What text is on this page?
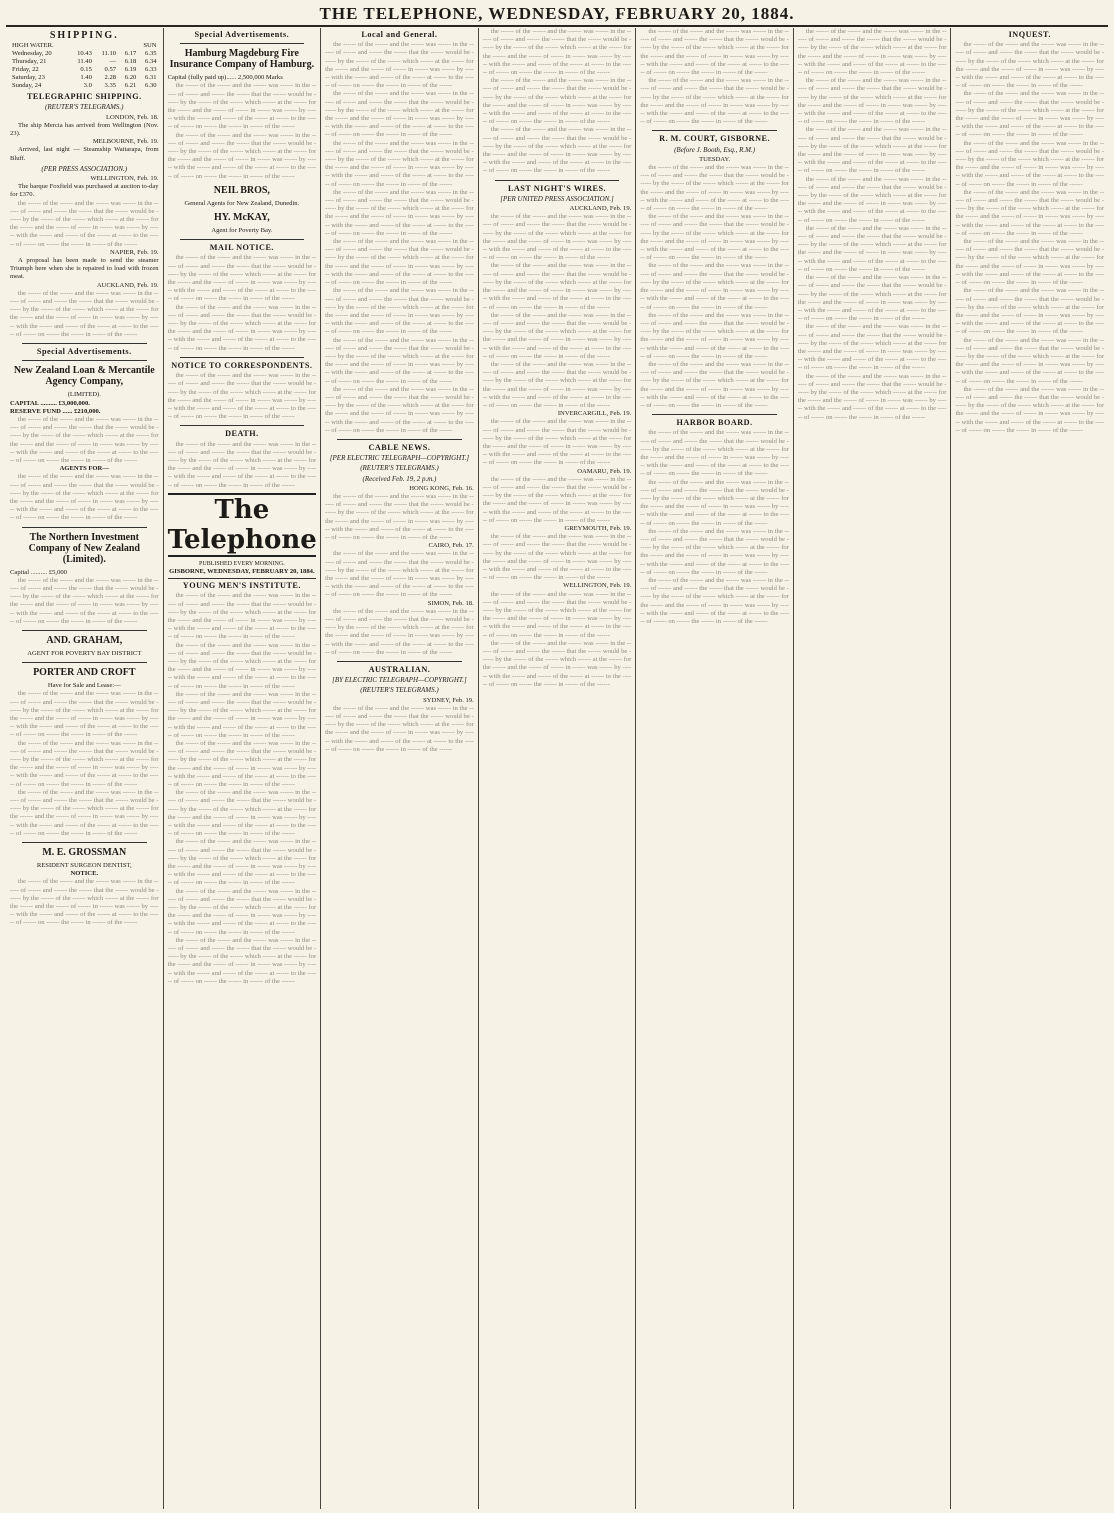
THE TELEPHONE, WEDNESDAY, FEBRUARY 20, 1884.
SHIPPING.
HIGH WATER.			SUN	
Wednesday, 20	10.43	11.10	6.17	6.35
Thursday, 21	11.40	—	6.18	6.34
Friday, 22	0.15	0.57	6.19	6.33
Saturday, 23	1.40	2.28	6.20	6.31
Sunday, 24	3.0	3.35	6.21	6.30
TELEGRAPHIC SHIPPING.
(REUTER'S TELEGRAMS.)

LONDON, Feb. 18.

The ship Mercia has arrived from Wellington (Nov. 23).

MELBOURNE, Feb. 19.

Arrived, last night — Steamship Waitarapa, from Bluff.

(PER PRESS ASSOCIATION.)

WELLINGTON, Feb. 19.

The barque Foxfield was purchased at auction to-day for £370.

the ------ of the ------ and the ------ was ------ in the ------ of ------ and ------ the ------ that the ------ would be ------ by the ------ of the ------ which ------ at the ------ for the ------ and the ------ of ------ in ------ was ------ by ------ with the ------ and ------ of the ------ at ------ to the ------ of ------ on ------ the ------ in ------ of the ------

NAPIER, Feb. 19.

A proposal has been made to send the steamer Triumph here when she is repaired to load with frozen meat.

AUCKLAND, Feb. 19.

the ------ of the ------ and the ------ was ------ in the ------ of ------ and ------ the ------ that the ------ would be ------ by the ------ of the ------ which ------ at the ------ for the ------ and the ------ of ------ in ------ was ------ by ------ with the ------ and ------ of the ------ at ------ to the ------ of ------ on ------ the ------ in ------ of the ------

Special Advertisements.
New Zealand Loan & Mercantile Agency Company,
(LIMITED).
CAPITAL .......... £3,000,000.
RESERVE FUND ...... £210,000.

the ------ of the ------ and the ------ was ------ in the ------ of ------ and ------ the ------ that the ------ would be ------ by the ------ of the ------ which ------ at the ------ for the ------ and the ------ of ------ in ------ was ------ by ------ with the ------ and ------ of the ------ at ------ to the ------ of ------ on ------ the ------ in ------ of the ------

AGENTS FOR—

the ------ of the ------ and the ------ was ------ in the ------ of ------ and ------ the ------ that the ------ would be ------ by the ------ of the ------ which ------ at the ------ for the ------ and the ------ of ------ in ------ was ------ by ------ with the ------ and ------ of the ------ at ------ to the ------ of ------ on ------ the ------ in ------ of the ------

The Northern Investment Company of New Zealand (Limited).
Capital .......... £5,000

the ------ of the ------ and the ------ was ------ in the ------ of ------ and ------ the ------ that the ------ would be ------ by the ------ of the ------ which ------ at the ------ for the ------ and the ------ of ------ in ------ was ------ by ------ with the ------ and ------ of the ------ at ------ to the ------ of ------ on ------ the ------ in ------ of the ------

AND. GRAHAM,
AGENT FOR POVERTY BAY DISTRICT
PORTER AND CROFT
Have for Sale and Lease:—

the ------ of the ------ and the ------ was ------ in the ------ of ------ and ------ the ------ that the ------ would be ------ by the ------ of the ------ which ------ at the ------ for the ------ and the ------ of ------ in ------ was ------ by ------ with the ------ and ------ of the ------ at ------ to the ------ of ------ on ------ the ------ in ------ of the ------

the ------ of the ------ and the ------ was ------ in the ------ of ------ and ------ the ------ that the ------ would be ------ by the ------ of the ------ which ------ at the ------ for the ------ and the ------ of ------ in ------ was ------ by ------ with the ------ and ------ of the ------ at ------ to the ------ of ------ on ------ the ------ in ------ of the ------

the ------ of the ------ and the ------ was ------ in the ------ of ------ and ------ the ------ that the ------ would be ------ by the ------ of the ------ which ------ at the ------ for the ------ and the ------ of ------ in ------ was ------ by ------ with the ------ and ------ of the ------ at ------ to the ------ of ------ on ------ the ------ in ------ of the ------

M. E. GROSSMAN
RESIDENT SURGEON DENTIST,
NOTICE.

the ------ of the ------ and the ------ was ------ in the ------ of ------ and ------ the ------ that the ------ would be ------ by the ------ of the ------ which ------ at the ------ for the ------ and the ------ of ------ in ------ was ------ by ------ with the ------ and ------ of the ------ at ------ to the ------ of ------ on ------ the ------ in ------ of the ------

Special Advertisements.
Hamburg Magdeburg Fire Insurance Company of Hamburg.
Capital (fully paid up)...... 2,500,000 Marks

the ------ of the ------ and the ------ was ------ in the ------ of ------ and ------ the ------ that the ------ would be ------ by the ------ of the ------ which ------ at the ------ for the ------ and the ------ of ------ in ------ was ------ by ------ with the ------ and ------ of the ------ at ------ to the ------ of ------ on ------ the ------ in ------ of the ------

the ------ of the ------ and the ------ was ------ in the ------ of ------ and ------ the ------ that the ------ would be ------ by the ------ of the ------ which ------ at the ------ for the ------ and the ------ of ------ in ------ was ------ by ------ with the ------ and ------ of the ------ at ------ to the ------ of ------ on ------ the ------ in ------ of the ------

NEIL BROS,
General Agents for New Zealand, Dunedin.
HY. McKAY,
Agent for Poverty Bay.
MAIL NOTICE.

the ------ of the ------ and the ------ was ------ in the ------ of ------ and ------ the ------ that the ------ would be ------ by the ------ of the ------ which ------ at the ------ for the ------ and the ------ of ------ in ------ was ------ by ------ with the ------ and ------ of the ------ at ------ to the ------ of ------ on ------ the ------ in ------ of the ------

the ------ of the ------ and the ------ was ------ in the ------ of ------ and ------ the ------ that the ------ would be ------ by the ------ of the ------ which ------ at the ------ for the ------ and the ------ of ------ in ------ was ------ by ------ with the ------ and ------ of the ------ at ------ to the ------ of ------ on ------ the ------ in ------ of the ------

NOTICE TO CORRESPONDENTS.

the ------ of the ------ and the ------ was ------ in the ------ of ------ and ------ the ------ that the ------ would be ------ by the ------ of the ------ which ------ at the ------ for the ------ and the ------ of ------ in ------ was ------ by ------ with the ------ and ------ of the ------ at ------ to the ------ of ------ on ------ the ------ in ------ of the ------

DEATH.

the ------ of the ------ and the ------ was ------ in the ------ of ------ and ------ the ------ that the ------ would be ------ by the ------ of the ------ which ------ at the ------ for the ------ and the ------ of ------ in ------ was ------ by ------ with the ------ and ------ of the ------ at ------ to the ------ of ------ on ------ the ------ in ------ of the ------

The Telephone
PUBLISHED EVERY MORNING.
GISBORNE, WEDNESDAY, FEBRUARY 20, 1884.
YOUNG MEN'S INSTITUTE.

the ------ of the ------ and the ------ was ------ in the ------ of ------ and ------ the ------ that the ------ would be ------ by the ------ of the ------ which ------ at the ------ for the ------ and the ------ of ------ in ------ was ------ by ------ with the ------ and ------ of the ------ at ------ to the ------ of ------ on ------ the ------ in ------ of the ------

the ------ of the ------ and the ------ was ------ in the ------ of ------ and ------ the ------ that the ------ would be ------ by the ------ of the ------ which ------ at the ------ for the ------ and the ------ of ------ in ------ was ------ by ------ with the ------ and ------ of the ------ at ------ to the ------ of ------ on ------ the ------ in ------ of the ------

the ------ of the ------ and the ------ was ------ in the ------ of ------ and ------ the ------ that the ------ would be ------ by the ------ of the ------ which ------ at the ------ for the ------ and the ------ of ------ in ------ was ------ by ------ with the ------ and ------ of the ------ at ------ to the ------ of ------ on ------ the ------ in ------ of the ------

the ------ of the ------ and the ------ was ------ in the ------ of ------ and ------ the ------ that the ------ would be ------ by the ------ of the ------ which ------ at the ------ for the ------ and the ------ of ------ in ------ was ------ by ------ with the ------ and ------ of the ------ at ------ to the ------ of ------ on ------ the ------ in ------ of the ------

the ------ of the ------ and the ------ was ------ in the ------ of ------ and ------ the ------ that the ------ would be ------ by the ------ of the ------ which ------ at the ------ for the ------ and the ------ of ------ in ------ was ------ by ------ with the ------ and ------ of the ------ at ------ to the ------ of ------ on ------ the ------ in ------ of the ------

the ------ of the ------ and the ------ was ------ in the ------ of ------ and ------ the ------ that the ------ would be ------ by the ------ of the ------ which ------ at the ------ for the ------ and the ------ of ------ in ------ was ------ by ------ with the ------ and ------ of the ------ at ------ to the ------ of ------ on ------ the ------ in ------ of the ------

the ------ of the ------ and the ------ was ------ in the ------ of ------ and ------ the ------ that the ------ would be ------ by the ------ of the ------ which ------ at the ------ for the ------ and the ------ of ------ in ------ was ------ by ------ with the ------ and ------ of the ------ at ------ to the ------ of ------ on ------ the ------ in ------ of the ------

the ------ of the ------ and the ------ was ------ in the ------ of ------ and ------ the ------ that the ------ would be ------ by the ------ of the ------ which ------ at the ------ for the ------ and the ------ of ------ in ------ was ------ by ------ with the ------ and ------ of the ------ at ------ to the ------ of ------ on ------ the ------ in ------ of the ------

Local and General.

the ------ of the ------ and the ------ was ------ in the ------ of ------ and ------ the ------ that the ------ would be ------ by the ------ of the ------ which ------ at the ------ for the ------ and the ------ of ------ in ------ was ------ by ------ with the ------ and ------ of the ------ at ------ to the ------ of ------ on ------ the ------ in ------ of the ------

the ------ of the ------ and the ------ was ------ in the ------ of ------ and ------ the ------ that the ------ would be ------ by the ------ of the ------ which ------ at the ------ for the ------ and the ------ of ------ in ------ was ------ by ------ with the ------ and ------ of the ------ at ------ to the ------ of ------ on ------ the ------ in ------ of the ------

the ------ of the ------ and the ------ was ------ in the ------ of ------ and ------ the ------ that the ------ would be ------ by the ------ of the ------ which ------ at the ------ for the ------ and the ------ of ------ in ------ was ------ by ------ with the ------ and ------ of the ------ at ------ to the ------ of ------ on ------ the ------ in ------ of the ------

the ------ of the ------ and the ------ was ------ in the ------ of ------ and ------ the ------ that the ------ would be ------ by the ------ of the ------ which ------ at the ------ for the ------ and the ------ of ------ in ------ was ------ by ------ with the ------ and ------ of the ------ at ------ to the ------ of ------ on ------ the ------ in ------ of the ------

the ------ of the ------ and the ------ was ------ in the ------ of ------ and ------ the ------ that the ------ would be ------ by the ------ of the ------ which ------ at the ------ for the ------ and the ------ of ------ in ------ was ------ by ------ with the ------ and ------ of the ------ at ------ to the ------ of ------ on ------ the ------ in ------ of the ------

the ------ of the ------ and the ------ was ------ in the ------ of ------ and ------ the ------ that the ------ would be ------ by the ------ of the ------ which ------ at the ------ for the ------ and the ------ of ------ in ------ was ------ by ------ with the ------ and ------ of the ------ at ------ to the ------ of ------ on ------ the ------ in ------ of the ------

the ------ of the ------ and the ------ was ------ in the ------ of ------ and ------ the ------ that the ------ would be ------ by the ------ of the ------ which ------ at the ------ for the ------ and the ------ of ------ in ------ was ------ by ------ with the ------ and ------ of the ------ at ------ to the ------ of ------ on ------ the ------ in ------ of the ------

the ------ of the ------ and the ------ was ------ in the ------ of ------ and ------ the ------ that the ------ would be ------ by the ------ of the ------ which ------ at the ------ for the ------ and the ------ of ------ in ------ was ------ by ------ with the ------ and ------ of the ------ at ------ to the ------ of ------ on ------ the ------ in ------ of the ------

CABLE NEWS.
[PER ELECTRIC TELEGRAPH—COPYRIGHT.]
(REUTER'S TELEGRAMS.)
(Received Feb. 19, 2 p.m.)

HONG KONG, Feb. 16.

the ------ of the ------ and the ------ was ------ in the ------ of ------ and ------ the ------ that the ------ would be ------ by the ------ of the ------ which ------ at the ------ for the ------ and the ------ of ------ in ------ was ------ by ------ with the ------ and ------ of the ------ at ------ to the ------ of ------ on ------ the ------ in ------ of the ------

CAIRO, Feb. 17.

the ------ of the ------ and the ------ was ------ in the ------ of ------ and ------ the ------ that the ------ would be ------ by the ------ of the ------ which ------ at the ------ for the ------ and the ------ of ------ in ------ was ------ by ------ with the ------ and ------ of the ------ at ------ to the ------ of ------ on ------ the ------ in ------ of the ------

SIMON, Feb. 18.

the ------ of the ------ and the ------ was ------ in the ------ of ------ and ------ the ------ that the ------ would be ------ by the ------ of the ------ which ------ at the ------ for the ------ and the ------ of ------ in ------ was ------ by ------ with the ------ and ------ of the ------ at ------ to the ------ of ------ on ------ the ------ in ------ of the ------

AUSTRALIAN.
[BY ELECTRIC TELEGRAPH—COPYRIGHT.]
(REUTER'S TELEGRAMS.)

SYDNEY, Feb. 19.

the ------ of the ------ and the ------ was ------ in the ------ of ------ and ------ the ------ that the ------ would be ------ by the ------ of the ------ which ------ at the ------ for the ------ and the ------ of ------ in ------ was ------ by ------ with the ------ and ------ of the ------ at ------ to the ------ of ------ on ------ the ------ in ------ of the ------

the ------ of the ------ and the ------ was ------ in the ------ of ------ and ------ the ------ that the ------ would be ------ by the ------ of the ------ which ------ at the ------ for the ------ and the ------ of ------ in ------ was ------ by ------ with the ------ and ------ of the ------ at ------ to the ------ of ------ on ------ the ------ in ------ of the ------

the ------ of the ------ and the ------ was ------ in the ------ of ------ and ------ the ------ that the ------ would be ------ by the ------ of the ------ which ------ at the ------ for the ------ and the ------ of ------ in ------ was ------ by ------ with the ------ and ------ of the ------ at ------ to the ------ of ------ on ------ the ------ in ------ of the ------

the ------ of the ------ and the ------ was ------ in the ------ of ------ and ------ the ------ that the ------ would be ------ by the ------ of the ------ which ------ at the ------ for the ------ and the ------ of ------ in ------ was ------ by ------ with the ------ and ------ of the ------ at ------ to the ------ of ------ on ------ the ------ in ------ of the ------

LAST NIGHT'S WIRES.
[PER UNITED PRESS ASSOCIATION.]

AUCKLAND, Feb. 19.

the ------ of the ------ and the ------ was ------ in the ------ of ------ and ------ the ------ that the ------ would be ------ by the ------ of the ------ which ------ at the ------ for the ------ and the ------ of ------ in ------ was ------ by ------ with the ------ and ------ of the ------ at ------ to the ------ of ------ on ------ the ------ in ------ of the ------

the ------ of the ------ and the ------ was ------ in the ------ of ------ and ------ the ------ that the ------ would be ------ by the ------ of the ------ which ------ at the ------ for the ------ and the ------ of ------ in ------ was ------ by ------ with the ------ and ------ of the ------ at ------ to the ------ of ------ on ------ the ------ in ------ of the ------

the ------ of the ------ and the ------ was ------ in the ------ of ------ and ------ the ------ that the ------ would be ------ by the ------ of the ------ which ------ at the ------ for the ------ and the ------ of ------ in ------ was ------ by ------ with the ------ and ------ of the ------ at ------ to the ------ of ------ on ------ the ------ in ------ of the ------

the ------ of the ------ and the ------ was ------ in the ------ of ------ and ------ the ------ that the ------ would be ------ by the ------ of the ------ which ------ at the ------ for the ------ and the ------ of ------ in ------ was ------ by ------ with the ------ and ------ of the ------ at ------ to the ------ of ------ on ------ the ------ in ------ of the ------

INVERCARGILL, Feb. 19.

the ------ of the ------ and the ------ was ------ in the ------ of ------ and ------ the ------ that the ------ would be ------ by the ------ of the ------ which ------ at the ------ for the ------ and the ------ of ------ in ------ was ------ by ------ with the ------ and ------ of the ------ at ------ to the ------ of ------ on ------ the ------ in ------ of the ------

OAMARU, Feb. 19.

the ------ of the ------ and the ------ was ------ in the ------ of ------ and ------ the ------ that the ------ would be ------ by the ------ of the ------ which ------ at the ------ for the ------ and the ------ of ------ in ------ was ------ by ------ with the ------ and ------ of the ------ at ------ to the ------ of ------ on ------ the ------ in ------ of the ------

GREYMOUTH, Feb. 19.

the ------ of the ------ and the ------ was ------ in the ------ of ------ and ------ the ------ that the ------ would be ------ by the ------ of the ------ which ------ at the ------ for the ------ and the ------ of ------ in ------ was ------ by ------ with the ------ and ------ of the ------ at ------ to the ------ of ------ on ------ the ------ in ------ of the ------

WELLINGTON, Feb. 19.

the ------ of the ------ and the ------ was ------ in the ------ of ------ and ------ the ------ that the ------ would be ------ by the ------ of the ------ which ------ at the ------ for the ------ and the ------ of ------ in ------ was ------ by ------ with the ------ and ------ of the ------ at ------ to the ------ of ------ on ------ the ------ in ------ of the ------

the ------ of the ------ and the ------ was ------ in the ------ of ------ and ------ the ------ that the ------ would be ------ by the ------ of the ------ which ------ at the ------ for the ------ and the ------ of ------ in ------ was ------ by ------ with the ------ and ------ of the ------ at ------ to the ------ of ------ on ------ the ------ in ------ of the ------

the ------ of the ------ and the ------ was ------ in the ------ of ------ and ------ the ------ that the ------ would be ------ by the ------ of the ------ which ------ at the ------ for the ------ and the ------ of ------ in ------ was ------ by ------ with the ------ and ------ of the ------ at ------ to the ------ of ------ on ------ the ------ in ------ of the ------

the ------ of the ------ and the ------ was ------ in the ------ of ------ and ------ the ------ that the ------ would be ------ by the ------ of the ------ which ------ at the ------ for the ------ and the ------ of ------ in ------ was ------ by ------ with the ------ and ------ of the ------ at ------ to the ------ of ------ on ------ the ------ in ------ of the ------

R. M. COURT, GISBORNE.
(Before J. Booth, Esq., R.M.)
TUESDAY.

the ------ of the ------ and the ------ was ------ in the ------ of ------ and ------ the ------ that the ------ would be ------ by the ------ of the ------ which ------ at the ------ for the ------ and the ------ of ------ in ------ was ------ by ------ with the ------ and ------ of the ------ at ------ to the ------ of ------ on ------ the ------ in ------ of the ------

the ------ of the ------ and the ------ was ------ in the ------ of ------ and ------ the ------ that the ------ would be ------ by the ------ of the ------ which ------ at the ------ for the ------ and the ------ of ------ in ------ was ------ by ------ with the ------ and ------ of the ------ at ------ to the ------ of ------ on ------ the ------ in ------ of the ------

the ------ of the ------ and the ------ was ------ in the ------ of ------ and ------ the ------ that the ------ would be ------ by the ------ of the ------ which ------ at the ------ for the ------ and the ------ of ------ in ------ was ------ by ------ with the ------ and ------ of the ------ at ------ to the ------ of ------ on ------ the ------ in ------ of the ------

the ------ of the ------ and the ------ was ------ in the ------ of ------ and ------ the ------ that the ------ would be ------ by the ------ of the ------ which ------ at the ------ for the ------ and the ------ of ------ in ------ was ------ by ------ with the ------ and ------ of the ------ at ------ to the ------ of ------ on ------ the ------ in ------ of the ------

the ------ of the ------ and the ------ was ------ in the ------ of ------ and ------ the ------ that the ------ would be ------ by the ------ of the ------ which ------ at the ------ for the ------ and the ------ of ------ in ------ was ------ by ------ with the ------ and ------ of the ------ at ------ to the ------ of ------ on ------ the ------ in ------ of the ------

HARBOR BOARD.

the ------ of the ------ and the ------ was ------ in the ------ of ------ and ------ the ------ that the ------ would be ------ by the ------ of the ------ which ------ at the ------ for the ------ and the ------ of ------ in ------ was ------ by ------ with the ------ and ------ of the ------ at ------ to the ------ of ------ on ------ the ------ in ------ of the ------

the ------ of the ------ and the ------ was ------ in the ------ of ------ and ------ the ------ that the ------ would be ------ by the ------ of the ------ which ------ at the ------ for the ------ and the ------ of ------ in ------ was ------ by ------ with the ------ and ------ of the ------ at ------ to the ------ of ------ on ------ the ------ in ------ of the ------

the ------ of the ------ and the ------ was ------ in the ------ of ------ and ------ the ------ that the ------ would be ------ by the ------ of the ------ which ------ at the ------ for the ------ and the ------ of ------ in ------ was ------ by ------ with the ------ and ------ of the ------ at ------ to the ------ of ------ on ------ the ------ in ------ of the ------

the ------ of the ------ and the ------ was ------ in the ------ of ------ and ------ the ------ that the ------ would be ------ by the ------ of the ------ which ------ at the ------ for the ------ and the ------ of ------ in ------ was ------ by ------ with the ------ and ------ of the ------ at ------ to the ------ of ------ on ------ the ------ in ------ of the ------

the ------ of the ------ and the ------ was ------ in the ------ of ------ and ------ the ------ that the ------ would be ------ by the ------ of the ------ which ------ at the ------ for the ------ and the ------ of ------ in ------ was ------ by ------ with the ------ and ------ of the ------ at ------ to the ------ of ------ on ------ the ------ in ------ of the ------

the ------ of the ------ and the ------ was ------ in the ------ of ------ and ------ the ------ that the ------ would be ------ by the ------ of the ------ which ------ at the ------ for the ------ and the ------ of ------ in ------ was ------ by ------ with the ------ and ------ of the ------ at ------ to the ------ of ------ on ------ the ------ in ------ of the ------

the ------ of the ------ and the ------ was ------ in the ------ of ------ and ------ the ------ that the ------ would be ------ by the ------ of the ------ which ------ at the ------ for the ------ and the ------ of ------ in ------ was ------ by ------ with the ------ and ------ of the ------ at ------ to the ------ of ------ on ------ the ------ in ------ of the ------

the ------ of the ------ and the ------ was ------ in the ------ of ------ and ------ the ------ that the ------ would be ------ by the ------ of the ------ which ------ at the ------ for the ------ and the ------ of ------ in ------ was ------ by ------ with the ------ and ------ of the ------ at ------ to the ------ of ------ on ------ the ------ in ------ of the ------

the ------ of the ------ and the ------ was ------ in the ------ of ------ and ------ the ------ that the ------ would be ------ by the ------ of the ------ which ------ at the ------ for the ------ and the ------ of ------ in ------ was ------ by ------ with the ------ and ------ of the ------ at ------ to the ------ of ------ on ------ the ------ in ------ of the ------

the ------ of the ------ and the ------ was ------ in the ------ of ------ and ------ the ------ that the ------ would be ------ by the ------ of the ------ which ------ at the ------ for the ------ and the ------ of ------ in ------ was ------ by ------ with the ------ and ------ of the ------ at ------ to the ------ of ------ on ------ the ------ in ------ of the ------

the ------ of the ------ and the ------ was ------ in the ------ of ------ and ------ the ------ that the ------ would be ------ by the ------ of the ------ which ------ at the ------ for the ------ and the ------ of ------ in ------ was ------ by ------ with the ------ and ------ of the ------ at ------ to the ------ of ------ on ------ the ------ in ------ of the ------

the ------ of the ------ and the ------ was ------ in the ------ of ------ and ------ the ------ that the ------ would be ------ by the ------ of the ------ which ------ at the ------ for the ------ and the ------ of ------ in ------ was ------ by ------ with the ------ and ------ of the ------ at ------ to the ------ of ------ on ------ the ------ in ------ of the ------

INQUEST.

the ------ of the ------ and the ------ was ------ in the ------ of ------ and ------ the ------ that the ------ would be ------ by the ------ of the ------ which ------ at the ------ for the ------ and the ------ of ------ in ------ was ------ by ------ with the ------ and ------ of the ------ at ------ to the ------ of ------ on ------ the ------ in ------ of the ------

the ------ of the ------ and the ------ was ------ in the ------ of ------ and ------ the ------ that the ------ would be ------ by the ------ of the ------ which ------ at the ------ for the ------ and the ------ of ------ in ------ was ------ by ------ with the ------ and ------ of the ------ at ------ to the ------ of ------ on ------ the ------ in ------ of the ------

the ------ of the ------ and the ------ was ------ in the ------ of ------ and ------ the ------ that the ------ would be ------ by the ------ of the ------ which ------ at the ------ for the ------ and the ------ of ------ in ------ was ------ by ------ with the ------ and ------ of the ------ at ------ to the ------ of ------ on ------ the ------ in ------ of the ------

the ------ of the ------ and the ------ was ------ in the ------ of ------ and ------ the ------ that the ------ would be ------ by the ------ of the ------ which ------ at the ------ for the ------ and the ------ of ------ in ------ was ------ by ------ with the ------ and ------ of the ------ at ------ to the ------ of ------ on ------ the ------ in ------ of the ------

the ------ of the ------ and the ------ was ------ in the ------ of ------ and ------ the ------ that the ------ would be ------ by the ------ of the ------ which ------ at the ------ for the ------ and the ------ of ------ in ------ was ------ by ------ with the ------ and ------ of the ------ at ------ to the ------ of ------ on ------ the ------ in ------ of the ------

the ------ of the ------ and the ------ was ------ in the ------ of ------ and ------ the ------ that the ------ would be ------ by the ------ of the ------ which ------ at the ------ for the ------ and the ------ of ------ in ------ was ------ by ------ with the ------ and ------ of the ------ at ------ to the ------ of ------ on ------ the ------ in ------ of the ------

the ------ of the ------ and the ------ was ------ in the ------ of ------ and ------ the ------ that the ------ would be ------ by the ------ of the ------ which ------ at the ------ for the ------ and the ------ of ------ in ------ was ------ by ------ with the ------ and ------ of the ------ at ------ to the ------ of ------ on ------ the ------ in ------ of the ------

the ------ of the ------ and the ------ was ------ in the ------ of ------ and ------ the ------ that the ------ would be ------ by the ------ of the ------ which ------ at the ------ for the ------ and the ------ of ------ in ------ was ------ by ------ with the ------ and ------ of the ------ at ------ to the ------ of ------ on ------ the ------ in ------ of the ------
